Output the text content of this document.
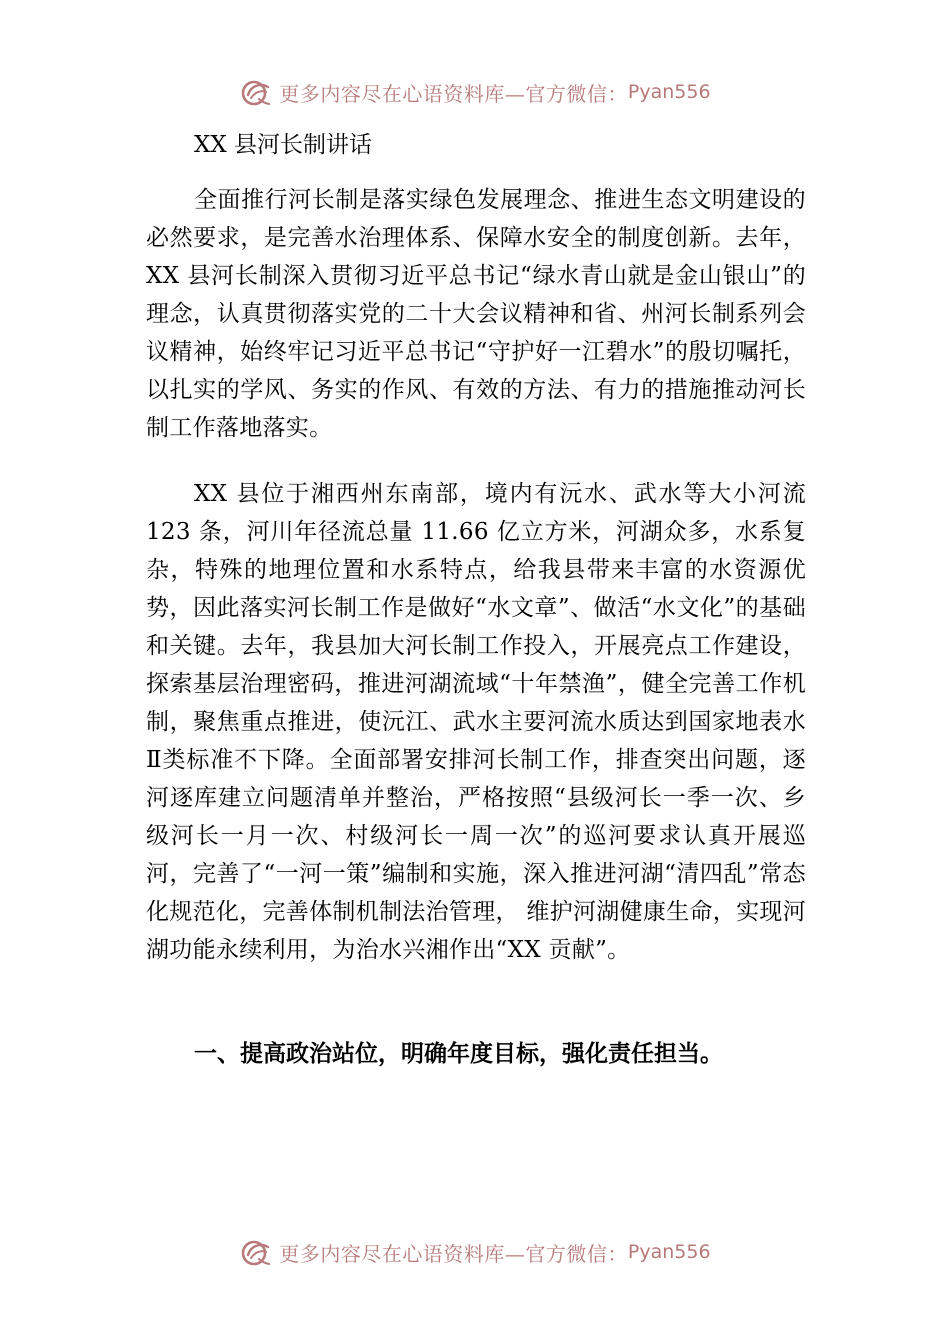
更多内容尽在心语资料库—官方微信： Pyan556
XX 县河长制讲话

全面推行河长制是落实绿色发展理念、推进生态文明建设的必然要求，是完善水治理体系、保障水安全的制度创新。去年，XX 县河长制深入贯彻习近平总书记“绿水青山就是金山银山”的理念，认真贯彻落实党的二十大会议精神和省、州河长制系列会议精神，始终牢记习近平总书记“守护好一江碧水”的殷切嘱托，以扎实的学风、务实的作风、有效的方法、有力的措施推动河长制工作落地落实。

XX 县位于湘西州东南部，境内有沅水、武水等大小河流 123 条，河川年径流总量 11.66 亿立方米，河湖众多，水系复杂，特殊的地理位置和水系特点，给我县带来丰富的水资源优势，因此落实河长制工作是做好“水文章”、做活“水文化”的基础和关键。去年，我县加大河长制工作投入，开展亮点工作建设，探索基层治理密码，推进河湖流域“十年禁渔”，健全完善工作机制，聚焦重点推进，使沅江、武水主要河流水质达到国家地表水Ⅱ类标准不下降。全面部署安排河长制工作，排查突出问题，逐河逐库建立问题清单并整治，严格按照“县级河长一季一次、乡级河长一月一次、村级河长一周一次”的巡河要求认真开展巡河，完善了“一河一策”编制和实施，深入推进河湖“清四乱”常态化规范化，完善体制机制法治管理， 维护河湖健康生命，实现河湖功能永续利用，为治水兴湘作出“XX 贡献”。

一、提高政治站位，明确年度目标，强化责任担当。
更多内容尽在心语资料库—官方微信： Pyan556
